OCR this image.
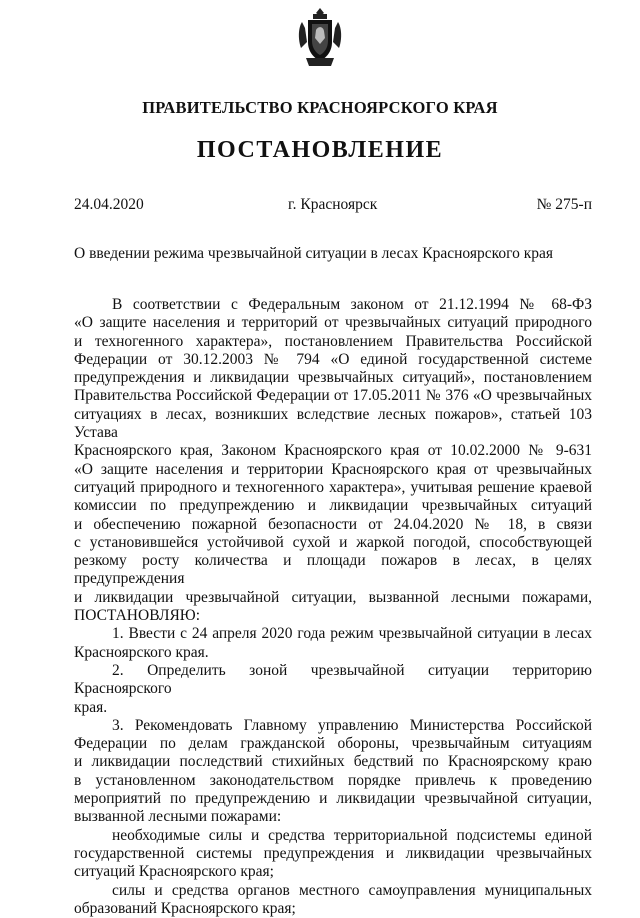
ПРАВИТЕЛЬСТВО КРАСНОЯРСКОГО КРАЯ
ПОСТАНОВЛЕНИЕ
24.04.2020	г. Красноярск	№ 275-п
О введении режима чрезвычайной ситуации в лесах Красноярского края

В соответствии с Федеральным законом от 21.12.1994 № 68-ФЗ

«О защите населения и территорий от чрезвычайных ситуаций природного

и техногенного характера», постановлением Правительства Российской

Федерации от 30.12.2003 № 794 «О единой государственной системе

предупреждения и ликвидации чрезвычайных ситуаций», постановлением

Правительства Российской Федерации от 17.05.2011 № 376 «О чрезвычайных

ситуациях в лесах, возникших вследствие лесных пожаров», статьей 103 Устава

Красноярского края, Законом Красноярского края от 10.02.2000 № 9-631

«О защите населения и территории Красноярского края от чрезвычайных

ситуаций природного и техногенного характера», учитывая решение краевой

комиссии по предупреждению и ликвидации чрезвычайных ситуаций

и обеспечению пожарной безопасности от 24.04.2020 № 18, в связи

с установившейся устойчивой сухой и жаркой погодой, способствующей

резкому росту количества и площади пожаров в лесах, в целях предупреждения

и ликвидации чрезвычайной ситуации, вызванной лесными пожарами,

ПОСТАНОВЛЯЮ:

1. Ввести с 24 апреля 2020 года режим чрезвычайной ситуации в лесах

Красноярского края.

2. Определить зоной чрезвычайной ситуации территорию Красноярского

края.

3. Рекомендовать Главному управлению Министерства Российской

Федерации по делам гражданской обороны, чрезвычайным ситуациям

и ликвидации последствий стихийных бедствий по Красноярскому краю

в установленном законодательством порядке привлечь к проведению

мероприятий по предупреждению и ликвидации чрезвычайной ситуации,

вызванной лесными пожарами:

необходимые силы и средства территориальной подсистемы единой

государственной системы предупреждения и ликвидации чрезвычайных

ситуаций Красноярского края;

силы и средства органов местного самоуправления муниципальных

образований Красноярского края;
